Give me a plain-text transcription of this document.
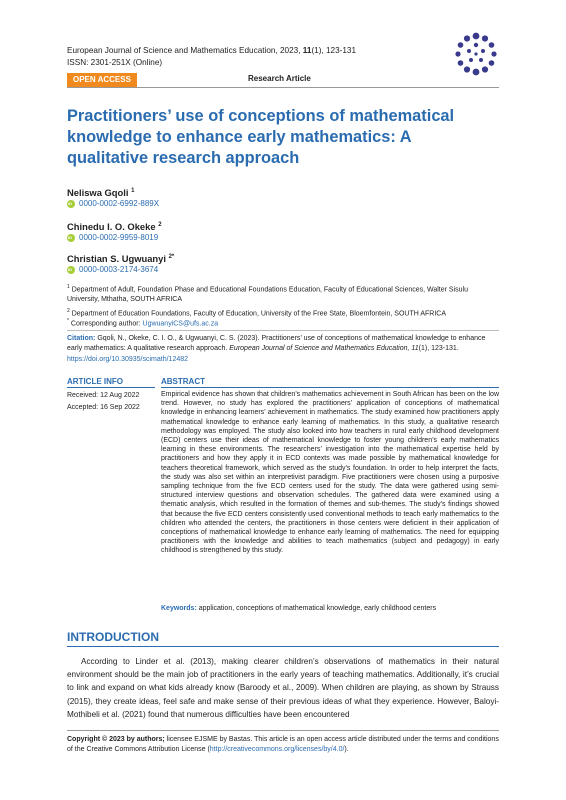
European Journal of Science and Mathematics Education, 2023, 11(1), 123-131
ISSN: 2301-251X (Online)
OPEN ACCESS	Research Article
Practitioners’ use of conceptions of mathematical knowledge to enhance early mathematics: A qualitative research approach
Neliswa Gqoli $^1$
iD
0000-0002-6992-889X
Chinedu I. O. Okeke $^2$
iD
0000-0002-9959-8019
Christian S. Ugwuanyi $^{2*}$
iD
0000-0003-2174-3674
$^1$ Department of Adult, Foundation Phase and Educational Foundations Education, Faculty of Educational Sciences, Walter Sisulu University, Mthatha, SOUTH AFRICA
$^2$ Department of Education Foundations, Faculty of Education, University of the Free State, Bloemfontein, SOUTH AFRICA
* Corresponding author: UgwuanyiCS@ufs.ac.za
Citation: Gqoli, N., Okeke, C. I. O., & Ugwuanyi, C. S. (2023). Practitioners’ use of conceptions of mathematical knowledge to enhance early mathematics: A qualitative research approach. European Journal of Science and Mathematics Education, 11(1), 123-131. https://doi.org/10.30935/scimath/12482
ARTICLE INFO	ABSTRACT
Received: 12 Aug 2022
Accepted: 16 Sep 2022

Empirical evidence has shown that children’s mathematics achievement in South African has been on the low trend. However, no study has explored the practitioners’ application of conceptions of mathematical knowledge in enhancing learners’ achievement in mathematics. The study examined how practitioners apply mathematical knowledge to enhance early learning of mathematics. In this study, a qualitative research methodology was employed. The study also looked into how teachers in rural early childhood development (ECD) centers use their ideas of mathematical knowledge to foster young children’s early mathematics learning in these environments. The researchers’ investigation into the mathematical expertise held by practitioners and how they apply it in ECD contexts was made possible by mathematical knowledge for teachers theoretical framework, which served as the study’s foundation. In order to help interpret the facts, the study was also set within an interpretivist paradigm. Five practitioners were chosen using a purposive sampling technique from the five ECD centers used for the study. The data were gathered using semi-structured interview questions and observation schedules. The gathered data were examined using a thematic analysis, which resulted in the formation of themes and sub-themes. The study’s findings showed that because the five ECD centers consistently used conventional methods to teach early mathematics to the children who attended the centers, the practitioners in those centers were deficient in their application of conceptions of mathematical knowledge to enhance early learning of mathematics. The need for equipping practitioners with the knowledge and abilities to teach mathematics (subject and pedagogy) in early childhood is strengthened by this study.

Keywords: application, conceptions of mathematical knowledge, early childhood centers
INTRODUCTION

According to Linder et al. (2013), making clearer children’s observations of mathematics in their natural environment should be the main job of practitioners in the early years of teaching mathematics. Additionally, it’s crucial to link and expand on what kids already know (Baroody et al., 2009). When children are playing, as shown by Strauss (2015), they create ideas, feel safe and make sense of their previous ideas of what they experience. However, Baloyi-Mothibeli et al. (2021) found that numerous difficulties have been encountered

Copyright © 2023 by authors; licensee EJSME by Bastas. This article is an open access article distributed under the terms and conditions of the Creative Commons Attribution License (http://creativecommons.org/licenses/by/4.0/).
